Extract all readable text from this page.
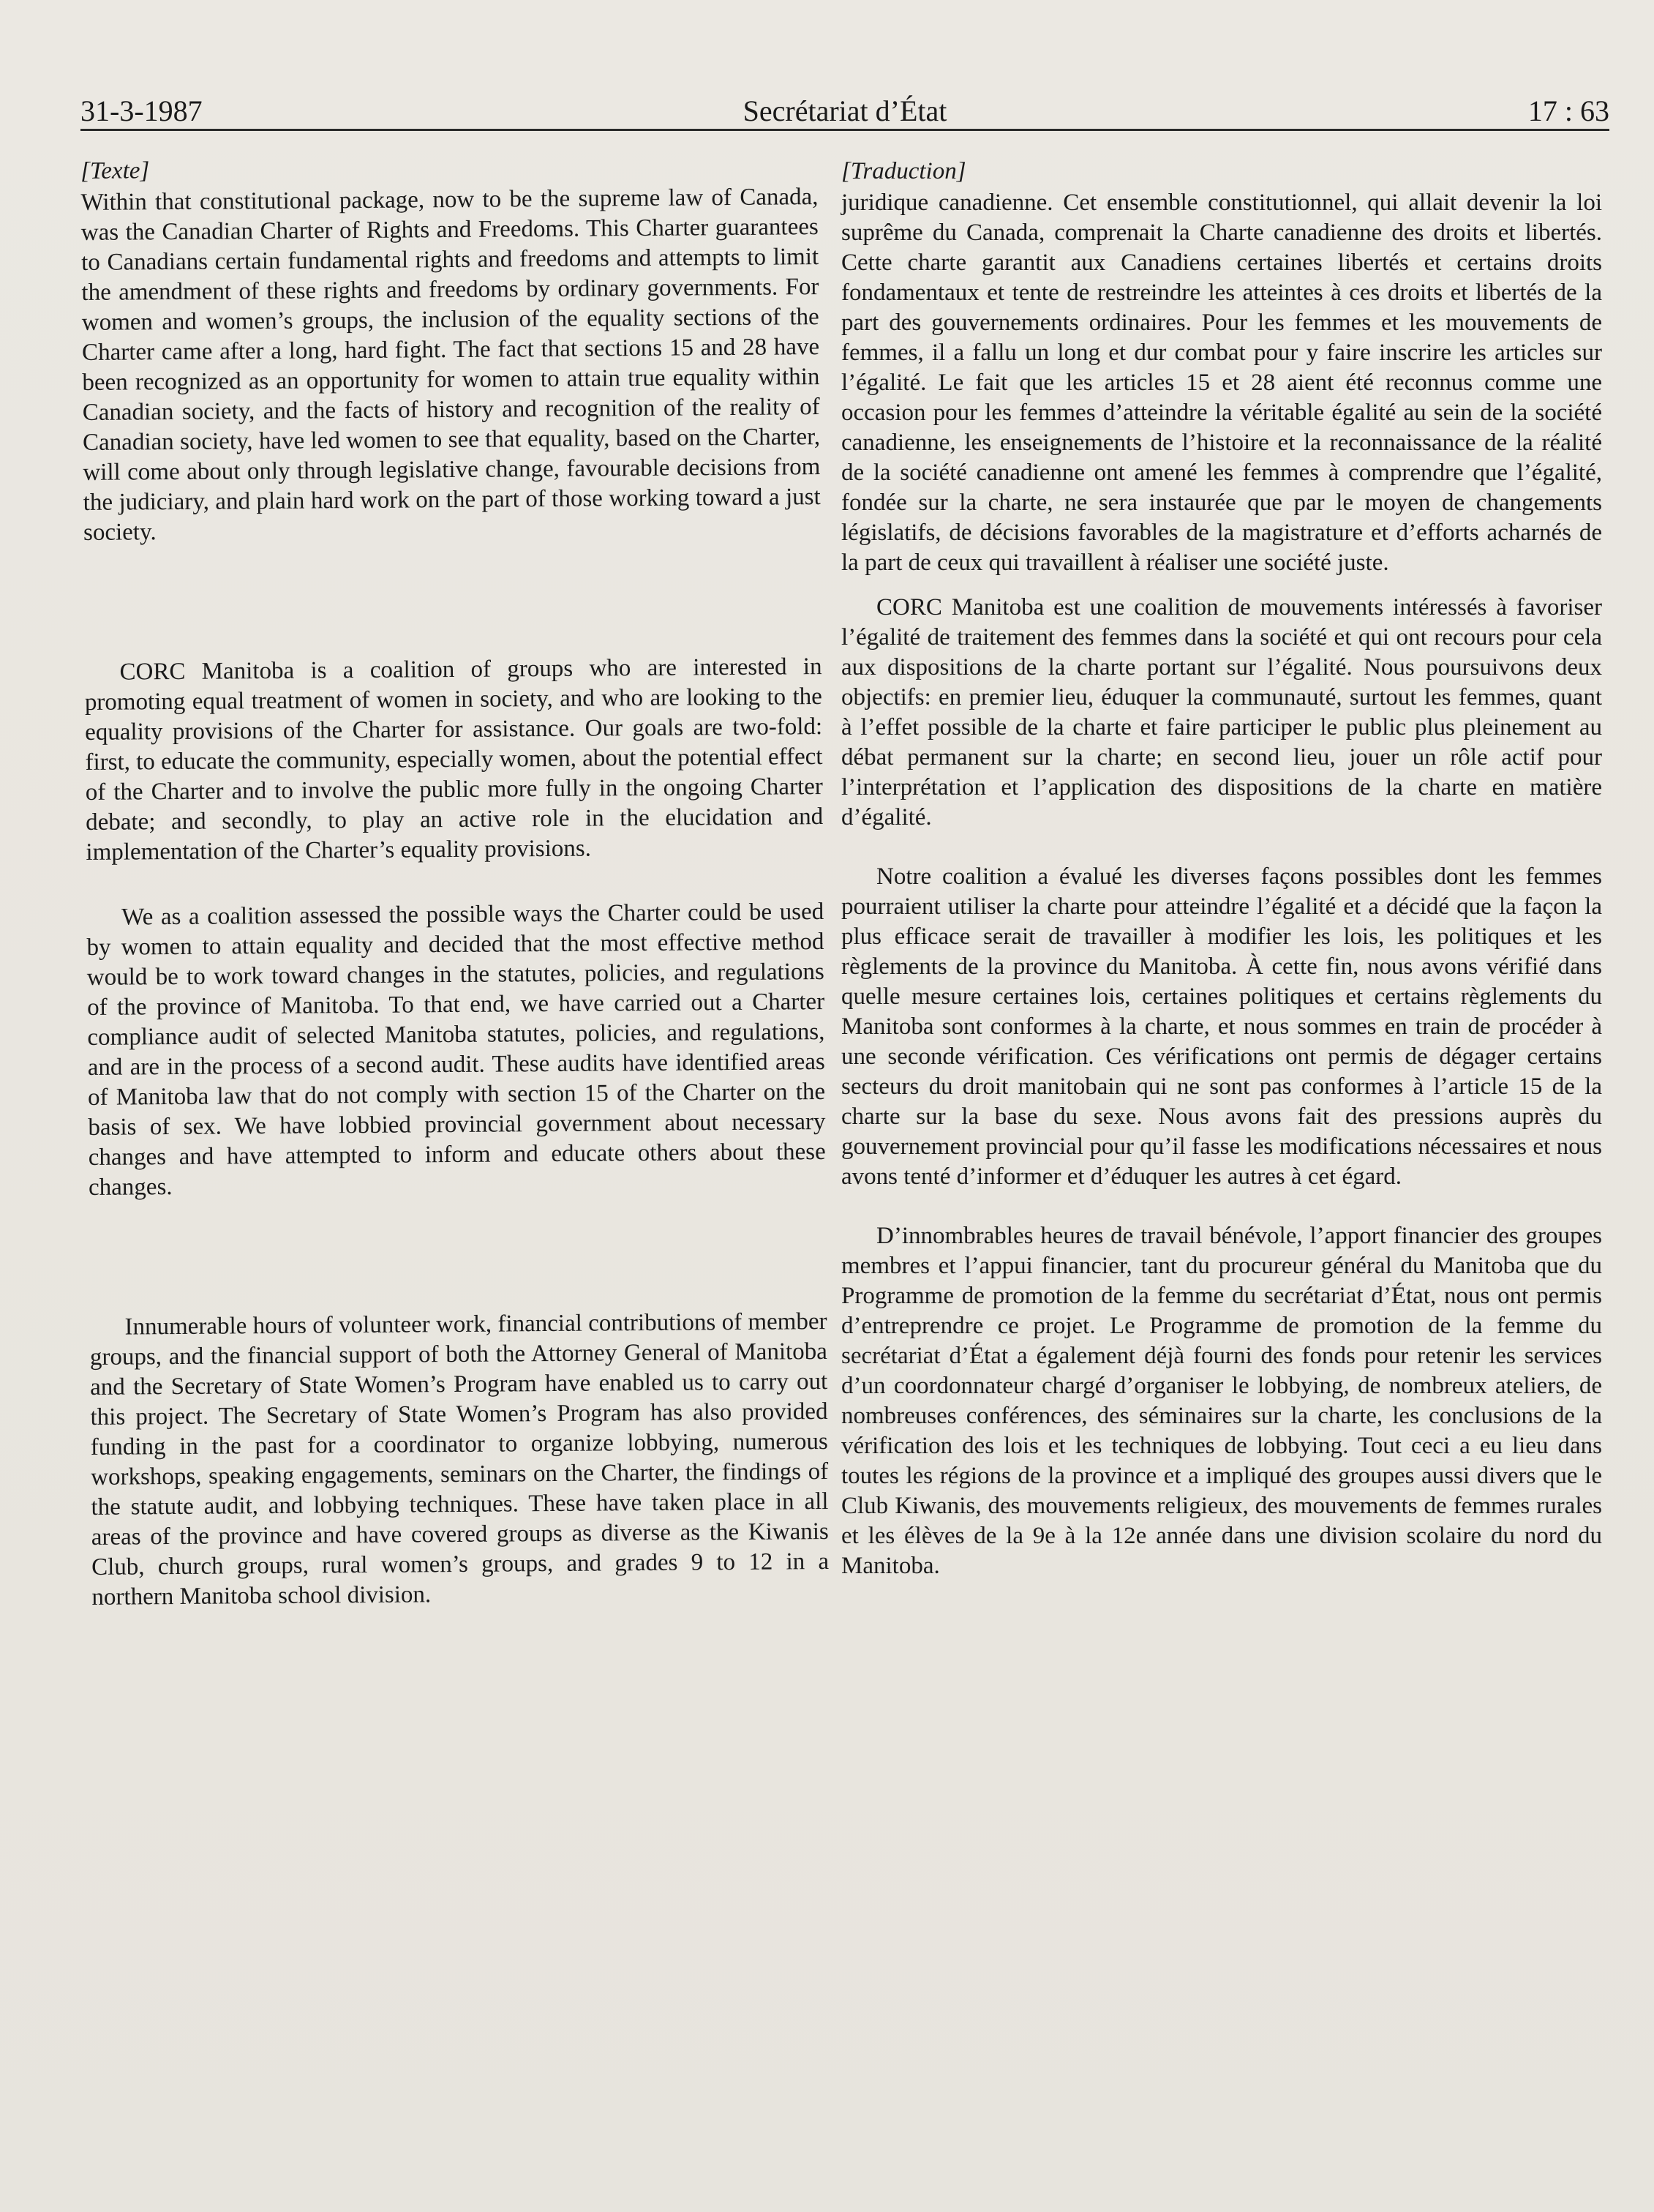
31-3-1987	Secrétariat d’État	17 : 63
[Texte]

Within that constitutional package, now to be the supreme law of Canada, was the Canadian Charter of Rights and Freedoms. This Charter guarantees to Canadians certain fundamental rights and freedoms and attempts to limit the amendment of these rights and freedoms by ordinary governments. For women and women’s groups, the inclusion of the equality sections of the Charter came after a long, hard fight. The fact that sections 15 and 28 have been recognized as an opportunity for women to attain true equality within Canadian society, and the facts of history and recognition of the reality of Canadian society, have led women to see that equality, based on the Charter, will come about only through legislative change, favourable decisions from the judiciary, and plain hard work on the part of those working toward a just society.

CORC Manitoba is a coalition of groups who are interested in promoting equal treatment of women in society, and who are looking to the equality provisions of the Charter for assistance. Our goals are two-fold: first, to educate the community, especially women, about the potential effect of the Charter and to involve the public more fully in the ongoing Charter debate; and secondly, to play an active role in the elucidation and implementation of the Charter’s equality provisions.

We as a coalition assessed the possible ways the Charter could be used by women to attain equality and decided that the most effective method would be to work toward changes in the statutes, policies, and regulations of the province of Manitoba. To that end, we have carried out a Charter compliance audit of selected Manitoba statutes, policies, and regulations, and are in the process of a second audit. These audits have identified areas of Manitoba law that do not comply with section 15 of the Charter on the basis of sex. We have lobbied provincial government about necessary changes and have attempted to inform and educate others about these changes.

Innumerable hours of volunteer work, financial contributions of member groups, and the financial support of both the Attorney General of Manitoba and the Secretary of State Women’s Program have enabled us to carry out this project. The Secretary of State Women’s Program has also provided funding in the past for a coordinator to organize lobbying, numerous workshops, speaking engagements, seminars on the Charter, the findings of the statute audit, and lobbying techniques. These have taken place in all areas of the province and have covered groups as diverse as the Kiwanis Club, church groups, rural women’s groups, and grades 9 to 12 in a northern Manitoba school division.

[Traduction]

juridique canadienne. Cet ensemble constitutionnel, qui allait devenir la loi suprême du Canada, comprenait la Charte canadienne des droits et libertés. Cette charte garantit aux Canadiens certaines libertés et certains droits fondamentaux et tente de restreindre les atteintes à ces droits et libertés de la part des gouvernements ordinaires. Pour les femmes et les mouvements de femmes, il a fallu un long et dur combat pour y faire inscrire les articles sur l’égalité. Le fait que les articles 15 et 28 aient été reconnus comme une occasion pour les femmes d’atteindre la véritable égalité au sein de la société canadienne, les enseignements de l’histoire et la reconnaissance de la réalité de la société canadienne ont amené les femmes à comprendre que l’égalité, fondée sur la charte, ne sera instaurée que par le moyen de changements législatifs, de décisions favorables de la magistrature et d’efforts acharnés de la part de ceux qui travaillent à réaliser une société juste.

CORC Manitoba est une coalition de mouvements intéressés à favoriser l’égalité de traitement des femmes dans la société et qui ont recours pour cela aux dispositions de la charte portant sur l’égalité. Nous poursuivons deux objectifs: en premier lieu, éduquer la communauté, surtout les femmes, quant à l’effet possible de la charte et faire participer le public plus pleinement au débat permanent sur la charte; en second lieu, jouer un rôle actif pour l’interprétation et l’application des dispositions de la charte en matière d’égalité.

Notre coalition a évalué les diverses façons possibles dont les femmes pourraient utiliser la charte pour atteindre l’égalité et a décidé que la façon la plus efficace serait de travailler à modifier les lois, les politiques et les règlements de la province du Manitoba. À cette fin, nous avons vérifié dans quelle mesure certaines lois, certaines politiques et certains règlements du Manitoba sont conformes à la charte, et nous sommes en train de procéder à une seconde vérification. Ces vérifications ont permis de dégager certains secteurs du droit manitobain qui ne sont pas conformes à l’article 15 de la charte sur la base du sexe. Nous avons fait des pressions auprès du gouvernement provincial pour qu’il fasse les modifications nécessaires et nous avons tenté d’informer et d’éduquer les autres à cet égard.

D’innombrables heures de travail bénévole, l’apport financier des groupes membres et l’appui financier, tant du procureur général du Manitoba que du Programme de promotion de la femme du secrétariat d’État, nous ont permis d’entreprendre ce projet. Le Programme de promotion de la femme du secrétariat d’État a également déjà fourni des fonds pour retenir les services d’un coordonnateur chargé d’organiser le lobbying, de nombreux ateliers, de nombreuses conférences, des séminaires sur la charte, les conclusions de la vérification des lois et les techniques de lobbying. Tout ceci a eu lieu dans toutes les régions de la province et a impliqué des groupes aussi divers que le Club Kiwanis, des mouvements religieux, des mouvements de femmes rurales et les élèves de la 9e à la 12e année dans une division scolaire du nord du Manitoba.
